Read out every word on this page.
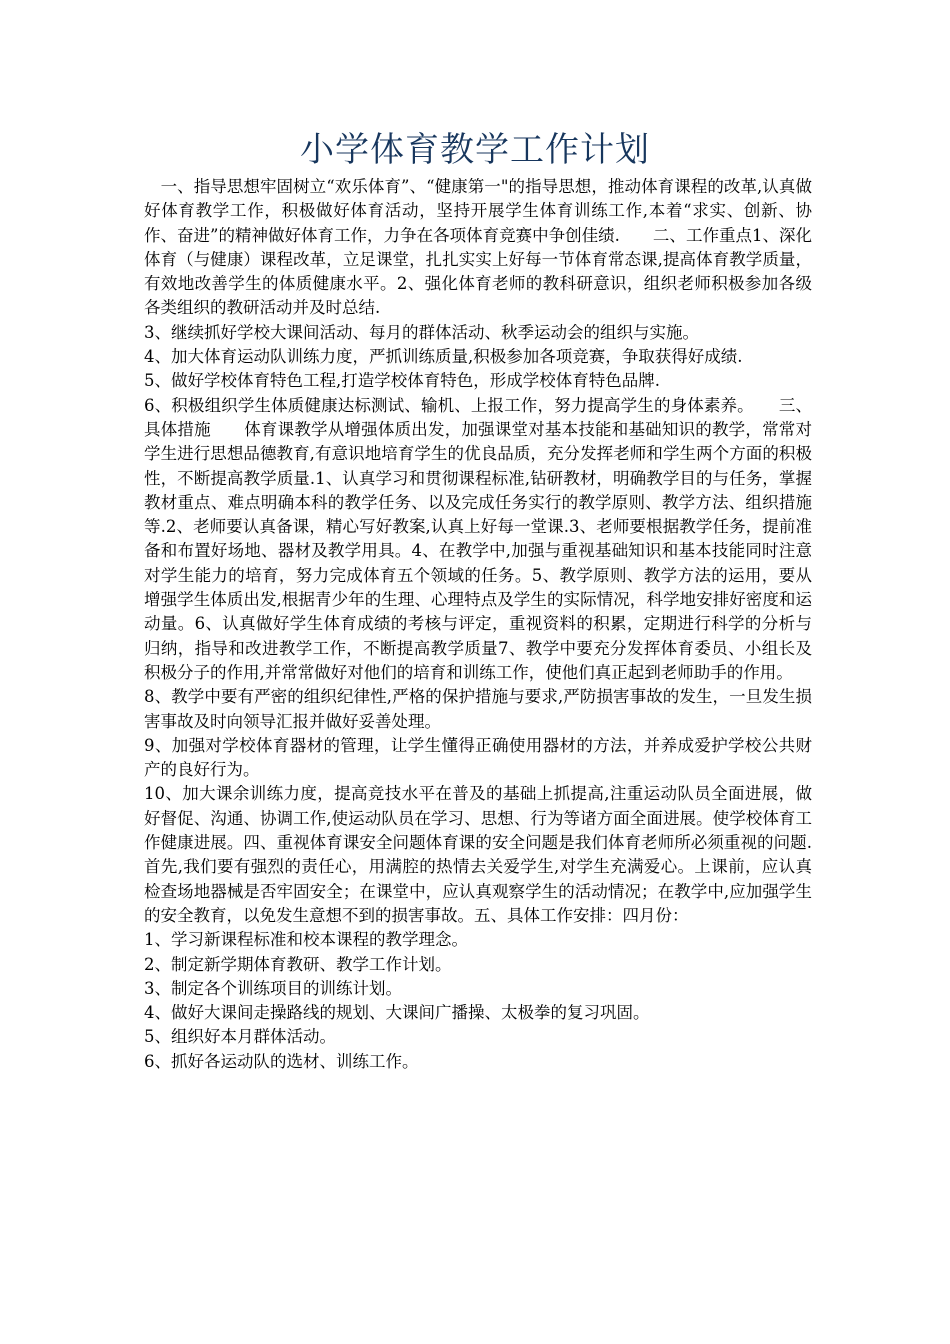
小学体育教学工作计划

　一、指导思想牢固树立“欢乐体育”、“健康第一"的指导思想，推动体育课程的改革,认真做好体育教学工作，积极做好体育活动，坚持开展学生体育训练工作,本着“求实、创新、协作、奋进”的精神做好体育工作，力争在各项体育竞赛中争创佳绩.　　二、工作重点1、深化体育（与健康）课程改革，立足课堂，扎扎实实上好每一节体育常态课,提高体育教学质量，有效地改善学生的体质健康水平。2、强化体育老师的教科研意识，组织老师积极参加各级各类组织的教研活动并及时总结.

3、继续抓好学校大课间活动、每月的群体活动、秋季运动会的组织与实施。

4、加大体育运动队训练力度，严抓训练质量,积极参加各项竞赛，争取获得好成绩.

5、做好学校体育特色工程,打造学校体育特色，形成学校体育特色品牌.

6、积极组织学生体质健康达标测试、输机、上报工作，努力提高学生的身体素养。　　三、具体措施　　体育课教学从增强体质出发，加强课堂对基本技能和基础知识的教学，常常对学生进行思想品德教育,有意识地培育学生的优良品质，充分发挥老师和学生两个方面的积极性，不断提高教学质量.1、认真学习和贯彻课程标准,钻研教材，明确教学目的与任务，掌握教材重点、难点明确本科的教学任务、以及完成任务实行的教学原则、教学方法、组织措施等.2、老师要认真备课，精心写好教案,认真上好每一堂课.3、老师要根据教学任务，提前准备和布置好场地、器材及教学用具。4、在教学中,加强与重视基础知识和基本技能同时注意对学生能力的培育，努力完成体育五个领域的任务。5、教学原则、教学方法的运用，要从增强学生体质出发,根据青少年的生理、心理特点及学生的实际情况，科学地安排好密度和运动量。6、认真做好学生体育成绩的考核与评定，重视资料的积累，定期进行科学的分析与归纳，指导和改进教学工作，不断提高教学质量7、教学中要充分发挥体育委员、小组长及积极分子的作用,并常常做好对他们的培育和训练工作，使他们真正起到老师助手的作用。

8、教学中要有严密的组织纪律性,严格的保护措施与要求,严防损害事故的发生，一旦发生损害事故及时向领导汇报并做好妥善处理。

9、加强对学校体育器材的管理，让学生懂得正确使用器材的方法，并养成爱护学校公共财产的良好行为。

10、加大课余训练力度，提高竞技水平在普及的基础上抓提高,注重运动队员全面进展，做好督促、沟通、协调工作,使运动队员在学习、思想、行为等诸方面全面进展。使学校体育工作健康进展。四、重视体育课安全问题体育课的安全问题是我们体育老师所必须重视的问题.首先,我们要有强烈的责任心，用满腔的热情去关爱学生,对学生充满爱心。上课前，应认真检查场地器械是否牢固安全；在课堂中，应认真观察学生的活动情况；在教学中,应加强学生的安全教育，以免发生意想不到的损害事故。五、具体工作安排：四月份：

1、学习新课程标准和校本课程的教学理念。

2、制定新学期体育教研、教学工作计划。

3、制定各个训练项目的训练计划。

4、做好大课间走操路线的规划、大课间广播操、太极拳的复习巩固。

5、组织好本月群体活动。

6、抓好各运动队的选材、训练工作。
